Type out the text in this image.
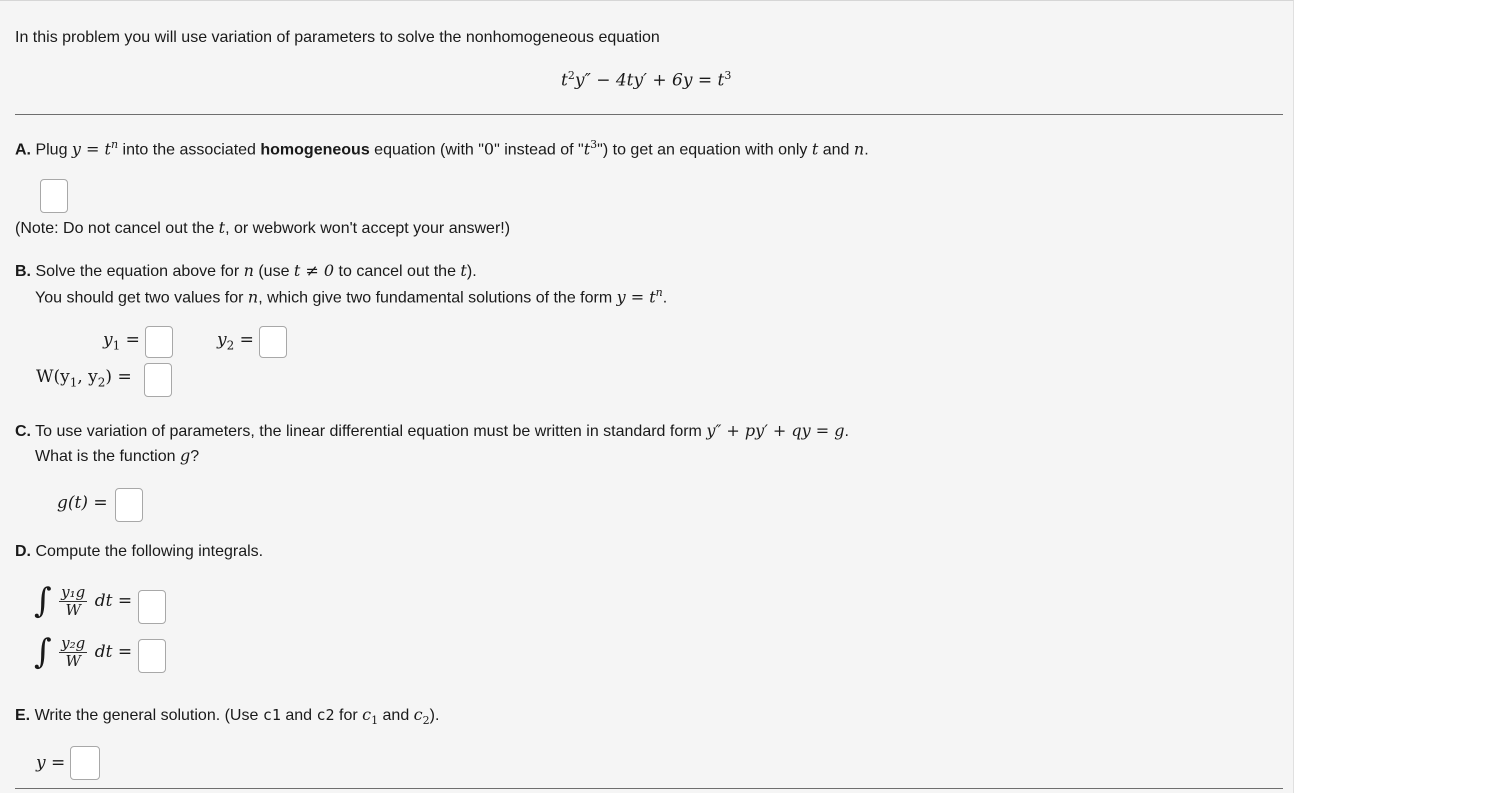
In this problem you will use variation of parameters to solve the nonhomogeneous equation
$t^2y'' - 4ty' + 6y = t^3$
A. Plug $y = t^n$ into the associated homogeneous equation (with "0" instead of "$t^3$") to get an equation with only t and n.
(Note: Do not cancel out the t, or webwork won't accept your answer!)
B. Solve the equation above for n (use t ≠ 0 to cancel out the t).
You should get two values for n, which give two fundamental solutions of the form $y = t^n$.
$y_1$ =	$y_2$ =
$W(y_1$, $y_2$) =
C. To use variation of parameters, the linear differential equation must be written in standard form y″ + py′ + qy = g.
What is the function g?
g(t) =
D. Compute the following integrals.
∫ $\frac{\text{y₁g}}{W}$ dt =
∫ $\frac{\text{y₂g}}{W}$ dt =
E. Write the general solution. (Use c1 and c2 for $c_1$ and $c_2$).
y =
